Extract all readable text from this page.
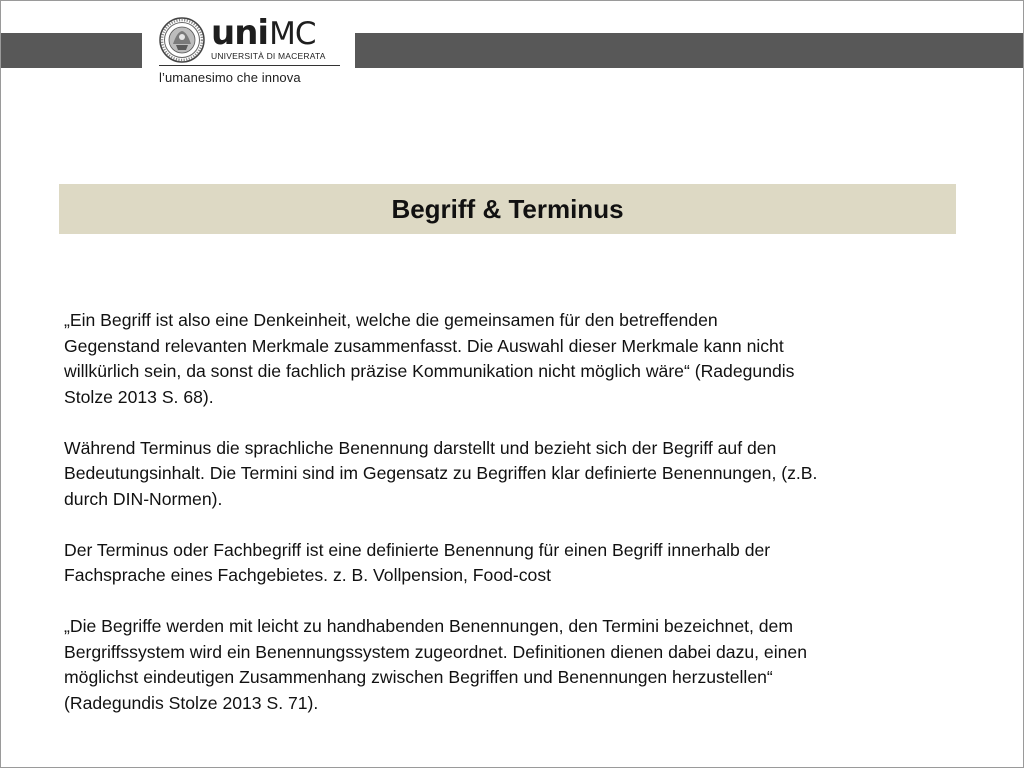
uni MC
UNIVERSITÀ DI MACERATA
l’umanesimo che innova
Begriff & Terminus

„Ein Begriff ist also eine Denkeinheit, welche die gemeinsamen für den betreffenden
Gegenstand relevanten Merkmale zusammenfasst. Die Auswahl dieser Merkmale kann nicht
willkürlich sein, da sonst die fachlich präzise Kommunikation nicht möglich wäre“ (Radegundis
Stolze 2013 S. 68).

Während Terminus die sprachliche Benennung darstellt und bezieht sich der Begriff auf den
Bedeutungsinhalt. Die Termini sind im Gegensatz zu Begriffen klar definierte Benennungen, (z.B.
durch DIN-Normen).

Der Terminus oder Fachbegriff ist eine definierte Benennung für einen Begriff innerhalb der
Fachsprache eines Fachgebietes. z. B. Vollpension, Food-cost

„Die Begriffe werden mit leicht zu handhabenden Benennungen, den Termini bezeichnet, dem
Bergriffssystem wird ein Benennungssystem zugeordnet. Definitionen dienen dabei dazu, einen
möglichst eindeutigen Zusammenhang zwischen Begriffen und Benennungen herzustellen“
(Radegundis Stolze 2013 S. 71).
